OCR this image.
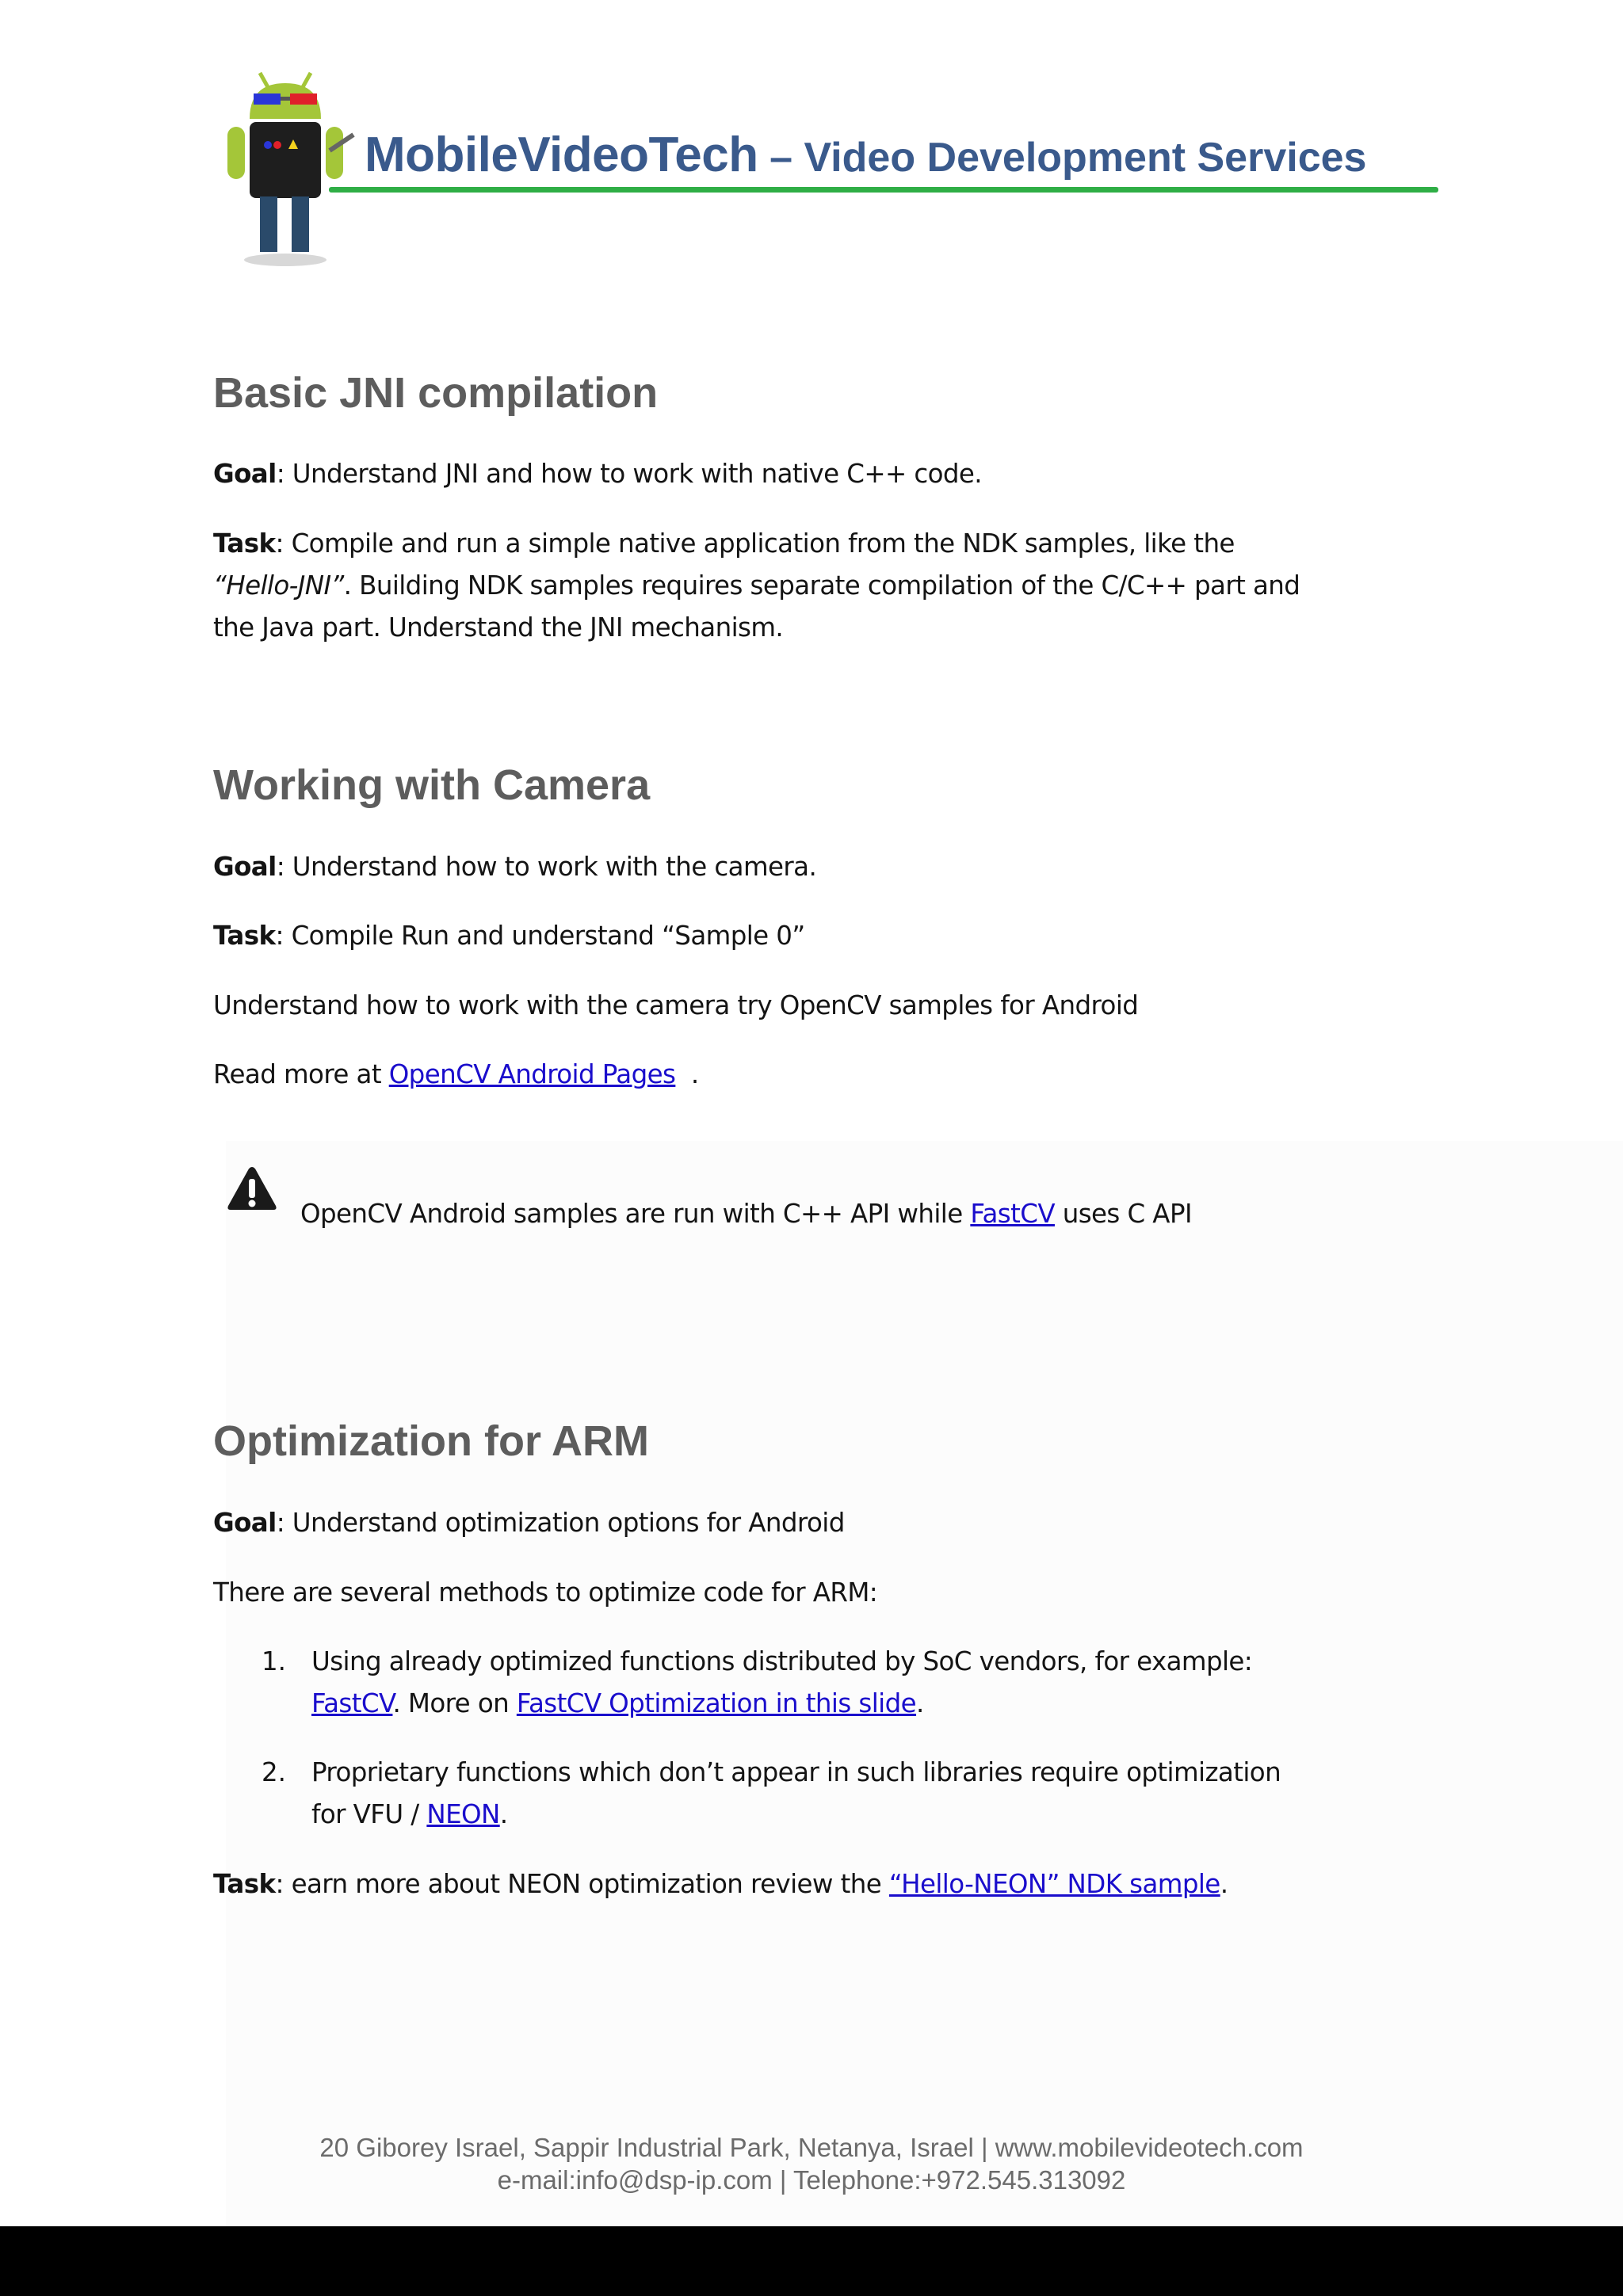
MobileVideoTech – Video Development Services
Basic JNI compilation

Goal: Understand JNI and how to work with native C++ code.

Task: Compile and run a simple native application from the NDK samples, like the

“Hello-JNI”. Building NDK samples requires separate compilation of the C/C++ part and

the Java part. Understand the JNI mechanism.

Working with Camera

Goal: Understand how to work with the camera.

Task: Compile Run and understand “Sample 0”

Understand how to work with the camera try OpenCV samples for Android

Read more at OpenCV Android Pages  .

OpenCV Android samples are run with C++ API while FastCV uses C API

Optimization for ARM

Goal: Understand optimization options for Android

There are several methods to optimize code for ARM:

1. Using already optimized functions distributed by SoC vendors, for example:

FastCV. More on FastCV Optimization in this slide.

2. Proprietary functions which don’t appear in such libraries require optimization

for VFU / NEON.

Task: earn more about NEON optimization review the “Hello-NEON” NDK sample.

20 Giborey Israel, Sappir Industrial Park, Netanya, Israel | www.mobilevideotech.com
e-mail:info@dsp-ip.com | Telephone:+972.545.313092
